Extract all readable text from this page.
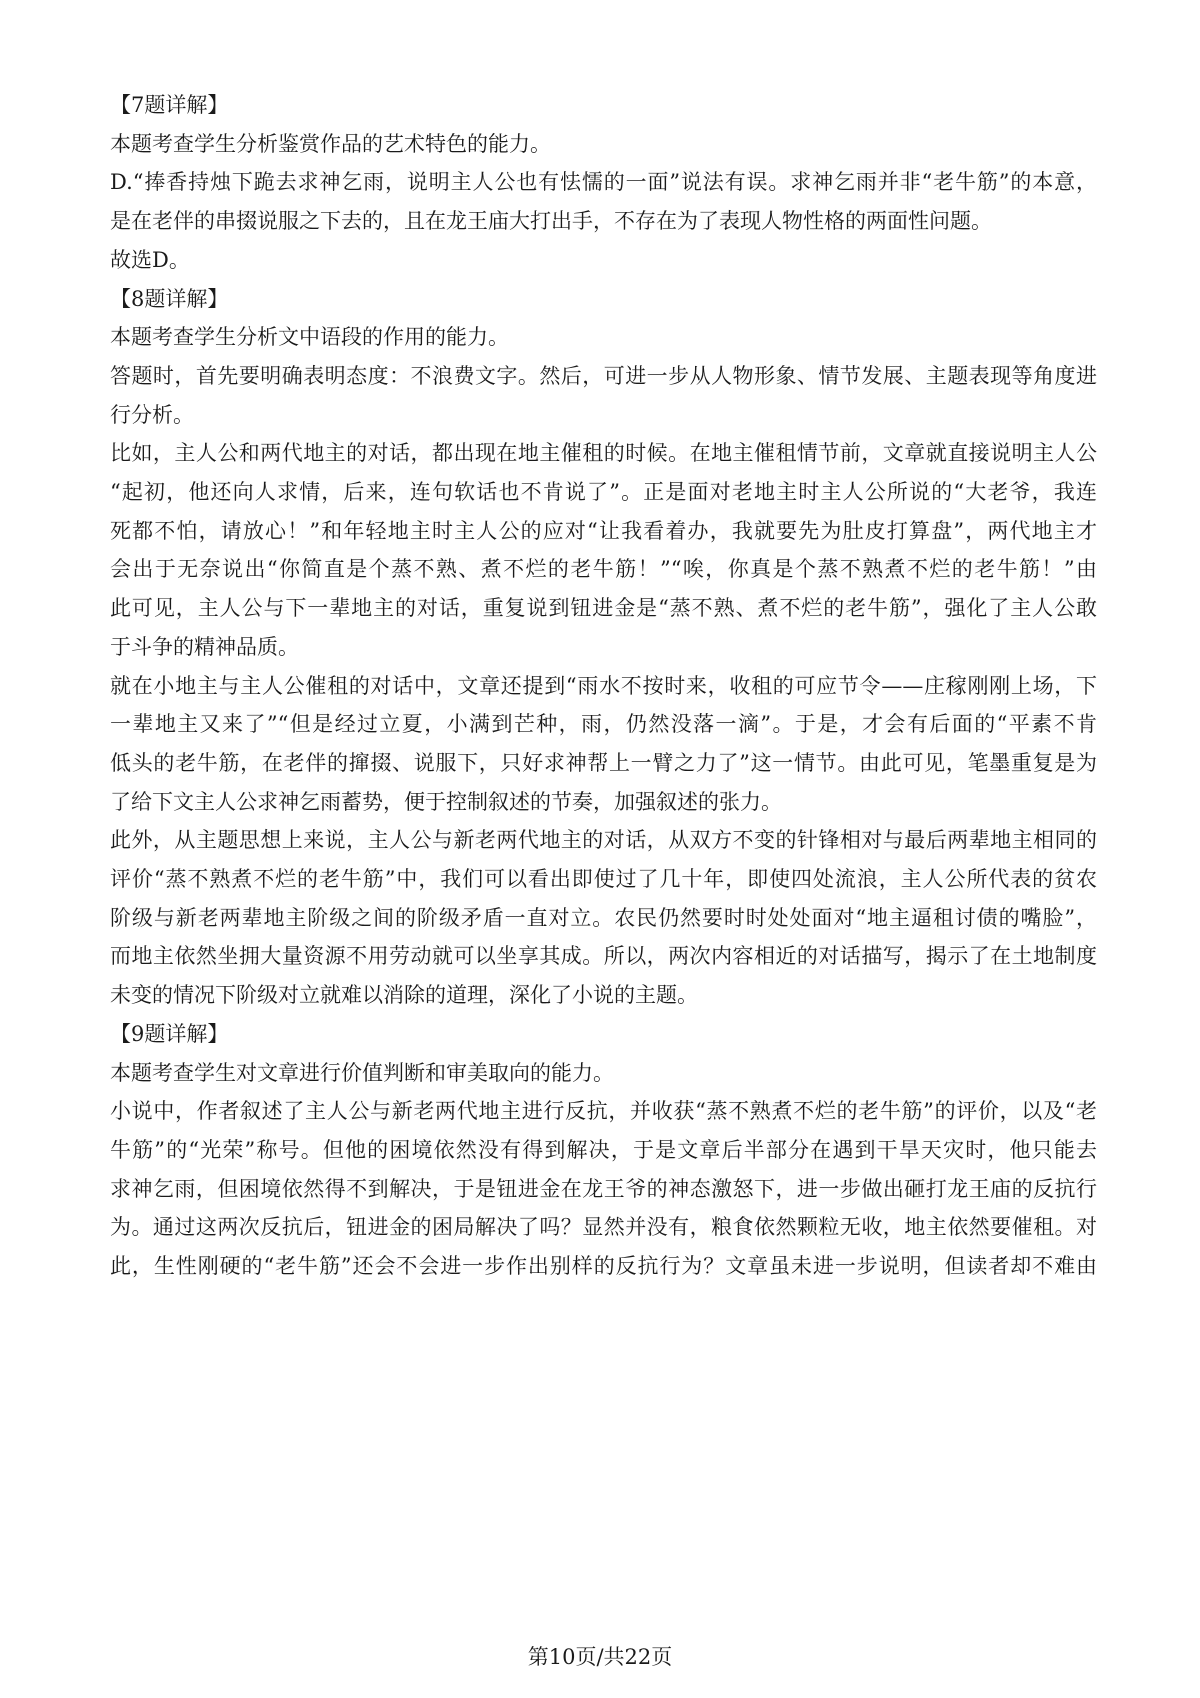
【7题详解】

本题考查学生分析鉴赏作品的艺术特色的能力。

D.“捧香持烛下跪去求神乞雨，说明主人公也有怯懦的一面”说法有误。求神乞雨并非“老牛筋”的本意，

是在老伴的串掇说服之下去的，且在龙王庙大打出手，不存在为了表现人物性格的两面性问题。

故选D。

【8题详解】

本题考查学生分析文中语段的作用的能力。

答题时，首先要明确表明态度：不浪费文字。然后，可进一步从人物形象、情节发展、主题表现等角度进

行分析。

比如，主人公和两代地主的对话，都出现在地主催租的时候。在地主催租情节前，文章就直接说明主人公

“起初，他还向人求情，后来，连句软话也不肯说了”。正是面对老地主时主人公所说的“大老爷，我连

死都不怕，请放心！”和年轻地主时主人公的应对“让我看着办，我就要先为肚皮打算盘”，两代地主才

会出于无奈说出“你简直是个蒸不熟、煮不烂的老牛筋！”“唉，你真是个蒸不熟煮不烂的老牛筋！”由

此可见，主人公与下一辈地主的对话，重复说到钮进金是“蒸不熟、煮不烂的老牛筋”，强化了主人公敢

于斗争的精神品质。

就在小地主与主人公催租的对话中，文章还提到“雨水不按时来，收租的可应节令——庄稼刚刚上场，下

一辈地主又来了”“但是经过立夏，小满到芒种，雨，仍然没落一滴”。于是，才会有后面的“平素不肯

低头的老牛筋，在老伴的撺掇、说服下，只好求神帮上一臂之力了”这一情节。由此可见，笔墨重复是为

了给下文主人公求神乞雨蓄势，便于控制叙述的节奏，加强叙述的张力。

此外，从主题思想上来说，主人公与新老两代地主的对话，从双方不变的针锋相对与最后两辈地主相同的

评价“蒸不熟煮不烂的老牛筋”中，我们可以看出即使过了几十年，即使四处流浪，主人公所代表的贫农

阶级与新老两辈地主阶级之间的阶级矛盾一直对立。农民仍然要时时处处面对“地主逼租讨债的嘴脸”，

而地主依然坐拥大量资源不用劳动就可以坐享其成。所以，两次内容相近的对话描写，揭示了在土地制度

未变的情况下阶级对立就难以消除的道理，深化了小说的主题。

【9题详解】

本题考查学生对文章进行价值判断和审美取向的能力。

小说中，作者叙述了主人公与新老两代地主进行反抗，并收获“蒸不熟煮不烂的老牛筋”的评价，以及“老

牛筋”的“光荣”称号。但他的困境依然没有得到解决，于是文章后半部分在遇到干旱天灾时，他只能去

求神乞雨，但困境依然得不到解决，于是钮进金在龙王爷的神态激怒下，进一步做出砸打龙王庙的反抗行

为。通过这两次反抗后，钮进金的困局解决了吗？显然并没有，粮食依然颗粒无收，地主依然要催租。对

此，生性刚硬的“老牛筋”还会不会进一步作出别样的反抗行为？文章虽未进一步说明，但读者却不难由

第10页/共22页
